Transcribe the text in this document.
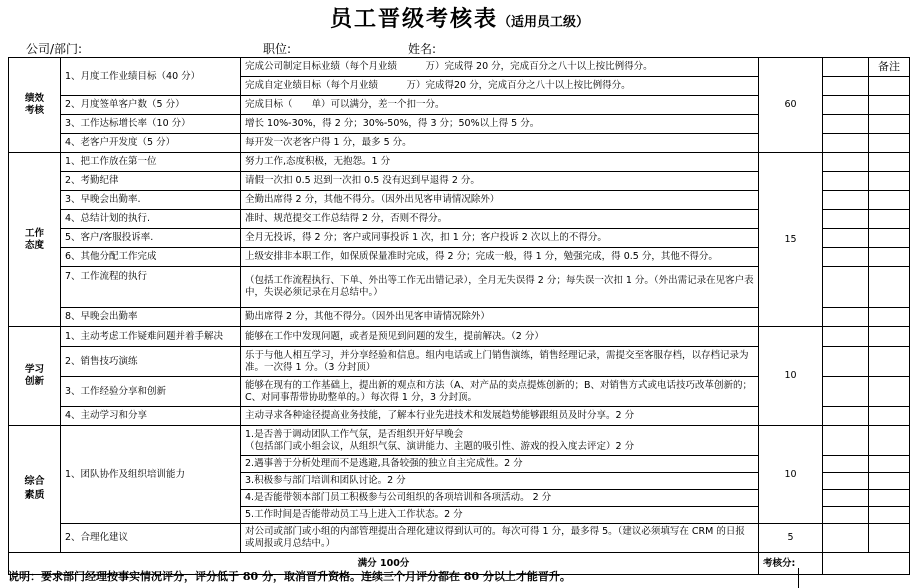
员工晋级考核表（适用员工级）
公司/部门:	职位:	姓名:
绩效
考核	1、月度工作业绩目标（40 分）	完成公司制定目标业绩（每个月业绩　　　万）完成得 20 分，完成百分之八十以上按比例得分。	60		备注
		完成自定业绩目标（每个月业绩　　　万）完成得20 分，完成百分之八十以上按比例得分。			
	2、月度签单客户数（5 分）	完成目标（　　单）可以满分，差一个扣一分。			
	3、工作达标增长率（10 分）	增长 10%-30%，得 2 分；30%-50%，得 3 分；50%以上得 5 分。			
	4、老客户开发度（5 分）	每开发一次老客户得 1 分，最多 5 分。			
工作
态度	1、把工作放在第一位	努力工作,态度积极，无抱怨。1 分	15		
	2、考勤纪律	请假一次扣 0.5 迟到一次扣 0.5 没有迟到早退得 2 分。			
	3、早晚会出勤率.	全勤出席得 2 分，其他不得分。（因外出见客申请情况除外）			
	4、总结计划的执行.	准时、规范提交工作总结得 2 分，否则不得分。			
	5、客户/客服投诉率.	全月无投诉，得 2 分；客户或同事投诉 1 次，扣 1 分；客户投诉 2 次以上的不得分。			
	6、其他分配工作完成	上级安排非本职工作，如保质保量准时完成，得 2 分；完成一般，得 1 分，勉强完成，得 0.5 分，其他不得分。			
	7、工作流程的执行	（包括工作流程执行、下单、外出等工作无出错记录），全月无失误得 2 分；每失误一次扣 1 分。（外出需记录在见客户表中，失误必须记录在月总结中。）			
	8、早晚会出勤率	勤出席得 2 分，其他不得分。（因外出见客申请情况除外）			
学习
创新	1、主动考虑工作疑难问题并着手解决	能够在工作中发现问题，或者是预见到问题的发生，提前解决。（2 分）	10		
	2、销售技巧演练	乐于与他人相互学习，并分享经验和信息。组内电话或上门销售演练，销售经理记录，需提交至客服存档，以存档记录为准。一次得 1 分。（3 分封顶）			
	3、工作经验分享和创新	能够在现有的工作基础上，提出新的观点和方法（A、对产品的卖点提炼创新的；B、对销售方式或电话技巧改革创新的；C、对同事帮带协助整单的。）每次得 1 分，3 分封顶。			
	4、主动学习和分享	主动寻求各种途径提高业务技能，了解本行业先进技术和发展趋势能够跟组员及时分享。2 分			
综合
素质	1、团队协作及组织培训能力	1.是否善于调动团队工作气氛，是否组织开好早晚会
（包括部门或小组会议，从组织气氛、演讲能力、主题的吸引性、游戏的投入度去评定）2 分	10		
		2.遇事善于分析处理而不是逃避,具备较强的独立自主完成性。2 分			
		3.积极参与部门培训和团队讨论。2 分			
		4.是否能带领本部门员工积极参与公司组织的各项培训和各项活动。 2 分			
		5.工作时间是否能带动员工马上进入工作状态。2 分			
	2、合理化建议	对公司或部门或小组的内部管理提出合理化建议得到认可的。每次可得 1 分，最多得 5。（建议必须填写在 CRM 的日报或周报或月总结中。）	5		
满分 100分			考核分:		
说明：要求部门经理按事实情况评分，评分低于 80 分，取消晋升资格。连续三个月评分都在 80 分以上才能晋升。
